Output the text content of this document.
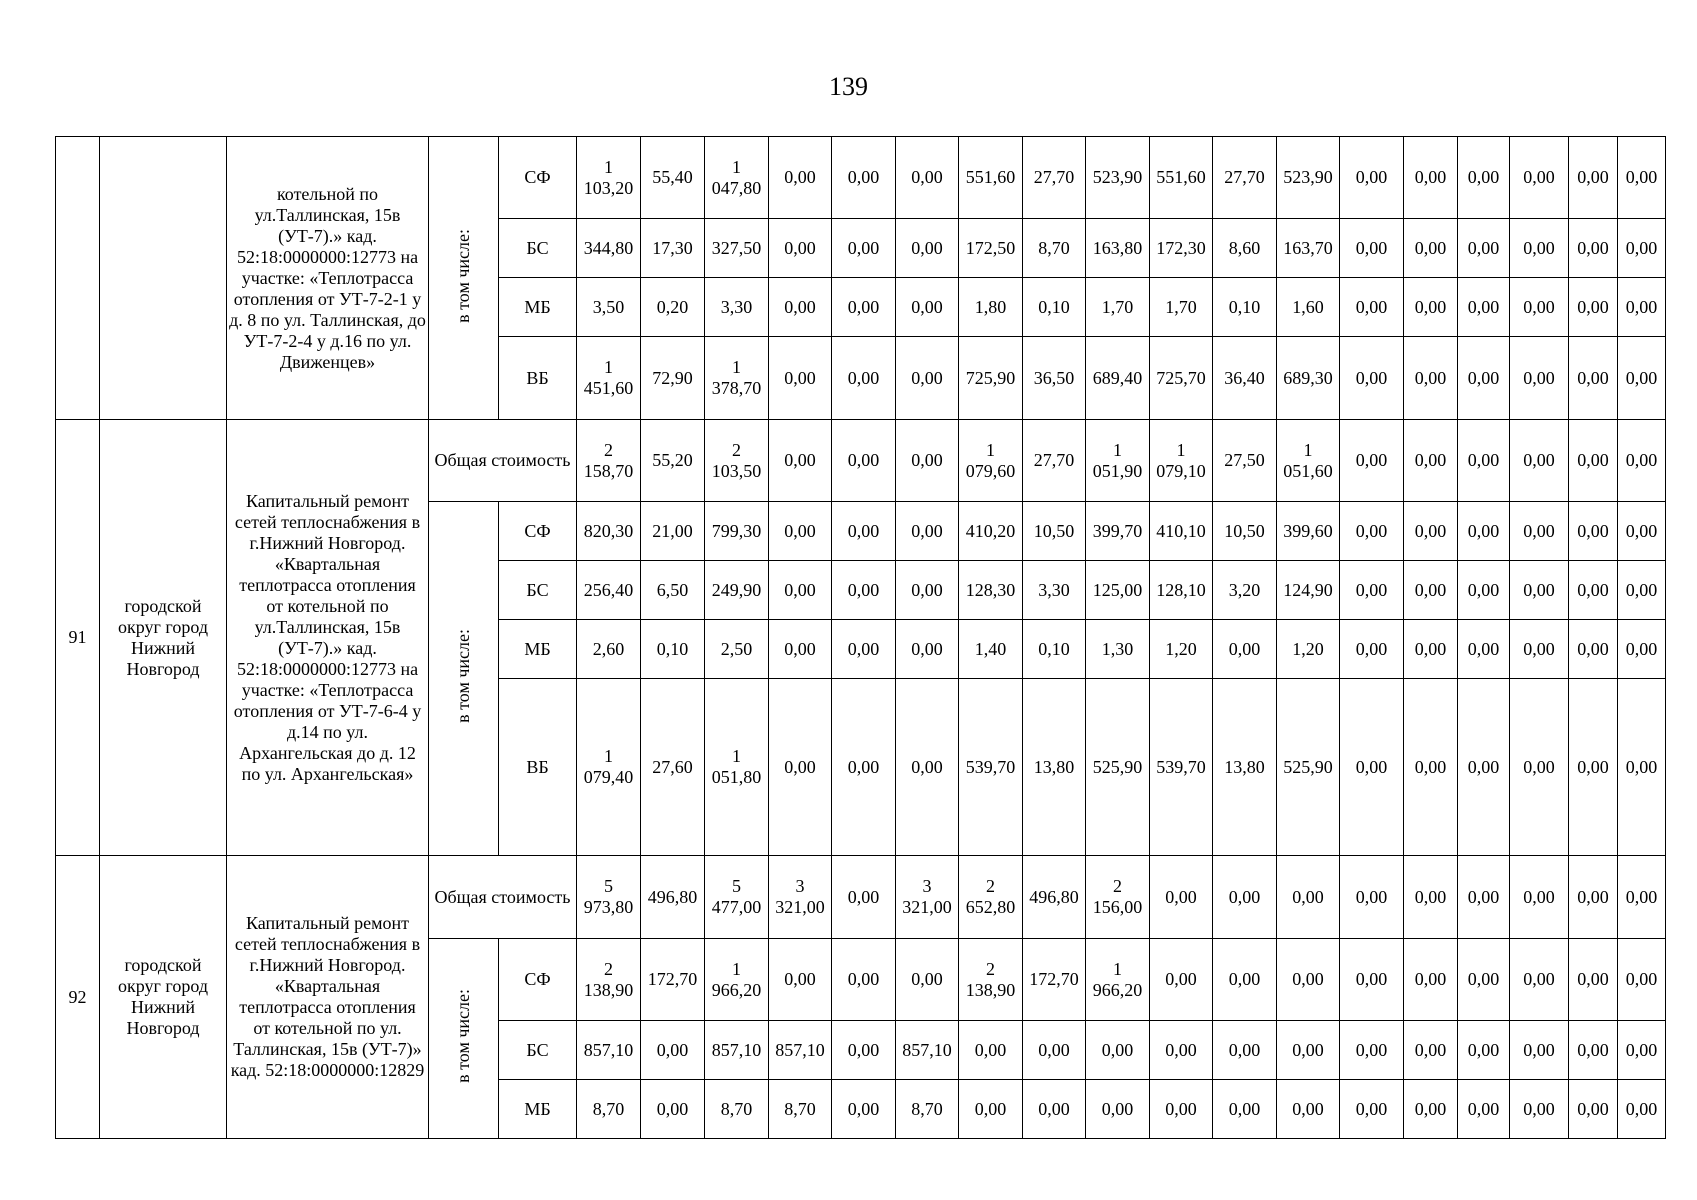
139
		котельной по ул.Таллинская, 15в (УТ-7).» кад. 52:18:0000000:12773 на участке: «Теплотрасса отопления от УТ-7-2-1 у д. 8 по ул. Таллинская, до УТ-7-2-4 у д.16 по ул. Движенцев»	в том числе:	СФ	1 103,20	55,40	1 047,80	0,00	0,00	0,00	551,60	27,70	523,90	551,60	27,70	523,90	0,00	0,00	0,00	0,00	0,00	0,00
				БС	344,80	17,30	327,50	0,00	0,00	0,00	172,50	8,70	163,80	172,30	8,60	163,70	0,00	0,00	0,00	0,00	0,00	0,00
				МБ	3,50	0,20	3,30	0,00	0,00	0,00	1,80	0,10	1,70	1,70	0,10	1,60	0,00	0,00	0,00	0,00	0,00	0,00
				ВБ	1 451,60	72,90	1 378,70	0,00	0,00	0,00	725,90	36,50	689,40	725,70	36,40	689,30	0,00	0,00	0,00	0,00	0,00	0,00
91	городской округ город Нижний Новгород	Капитальный ремонт сетей теплоснабжения в г.Нижний Новгород. «Квартальная теплотрасса отопления от котельной по ул.Таллинская, 15в (УТ-7).» кад. 52:18:0000000:12773 на участке: «Теплотрасса отопления от УТ-7-6-4 у д.14 по ул. Архангельская до д. 12 по ул. Архангельская»	Общая стоимость		2 158,70	55,20	2 103,50	0,00	0,00	0,00	1 079,60	27,70	1 051,90	1 079,10	27,50	1 051,60	0,00	0,00	0,00	0,00	0,00	0,00
			в том числе:	СФ	820,30	21,00	799,30	0,00	0,00	0,00	410,20	10,50	399,70	410,10	10,50	399,60	0,00	0,00	0,00	0,00	0,00	0,00
				БС	256,40	6,50	249,90	0,00	0,00	0,00	128,30	3,30	125,00	128,10	3,20	124,90	0,00	0,00	0,00	0,00	0,00	0,00
				МБ	2,60	0,10	2,50	0,00	0,00	0,00	1,40	0,10	1,30	1,20	0,00	1,20	0,00	0,00	0,00	0,00	0,00	0,00
				ВБ	1 079,40	27,60	1 051,80	0,00	0,00	0,00	539,70	13,80	525,90	539,70	13,80	525,90	0,00	0,00	0,00	0,00	0,00	0,00
92	городской округ город Нижний Новгород	Капитальный ремонт сетей теплоснабжения в г.Нижний Новгород. «Квартальная теплотрасса отопления от котельной по ул. Таллинская, 15в (УТ-7)» кад. 52:18:0000000:12829	Общая стоимость		5 973,80	496,80	5 477,00	3 321,00	0,00	3 321,00	2 652,80	496,80	2 156,00	0,00	0,00	0,00	0,00	0,00	0,00	0,00	0,00	0,00
			в том числе:	СФ	2 138,90	172,70	1 966,20	0,00	0,00	0,00	2 138,90	172,70	1 966,20	0,00	0,00	0,00	0,00	0,00	0,00	0,00	0,00	0,00
				БС	857,10	0,00	857,10	857,10	0,00	857,10	0,00	0,00	0,00	0,00	0,00	0,00	0,00	0,00	0,00	0,00	0,00	0,00
				МБ	8,70	0,00	8,70	8,70	0,00	8,70	0,00	0,00	0,00	0,00	0,00	0,00	0,00	0,00	0,00	0,00	0,00	0,00
